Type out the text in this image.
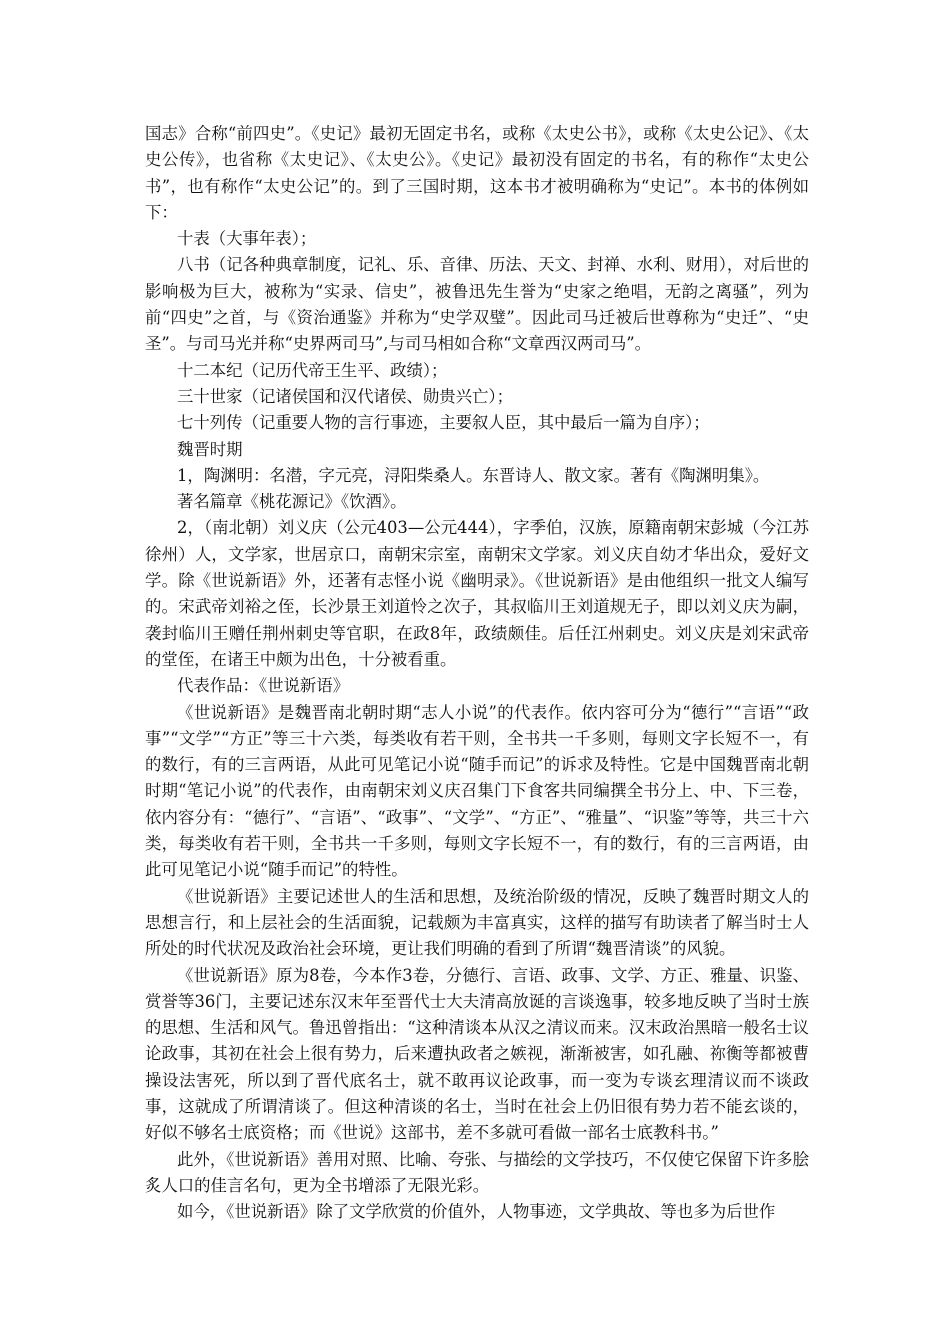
国志》合称“前四史”。《史记》最初无固定书名，或称《太史公书》，或称《太史公记》、《太史公传》，也省称《太史记》、《太史公》。《史记》最初没有固定的书名，有的称作“太史公书”，也有称作“太史公记”的。到了三国时期，这本书才被明确称为“史记”。本书的体例如下：

十表（大事年表）；

八书（记各种典章制度，记礼、乐、音律、历法、天文、封禅、水利、财用），对后世的影响极为巨大，被称为“实录、信史”，被鲁迅先生誉为“史家之绝唱，无韵之离骚”，列为前“四史”之首，与《资治通鉴》并称为“史学双璧”。因此司马迁被后世尊称为“史迁”、“史圣”。与司马光并称“史界两司马”,与司马相如合称“文章西汉两司马”。

十二本纪（记历代帝王生平、政绩）；

三十世家（记诸侯国和汉代诸侯、勋贵兴亡）；

七十列传（记重要人物的言行事迹，主要叙人臣，其中最后一篇为自序）；

魏晋时期

1，陶渊明：名潜，字元亮，浔阳柴桑人。东晋诗人、散文家。著有《陶渊明集》。

著名篇章《桃花源记》《饮酒》。

2，（南北朝）刘义庆（公元403—公元444），字季伯，汉族，原籍南朝宋彭城（今江苏徐州）人，文学家，世居京口，南朝宋宗室，南朝宋文学家。刘义庆自幼才华出众，爱好文学。除《世说新语》外，还著有志怪小说《幽明录》。《世说新语》是由他组织一批文人编写的。宋武帝刘裕之侄，长沙景王刘道怜之次子，其叔临川王刘道规无子，即以刘义庆为嗣，袭封临川王赠任荆州刺史等官职，在政8年，政绩颇佳。后任江州刺史。刘义庆是刘宋武帝的堂侄，在诸王中颇为出色，十分被看重。

代表作品：《世说新语》

《世说新语》是魏晋南北朝时期“志人小说”的代表作。依内容可分为“德行”“言语”“政事”“文学”“方正”等三十六类，每类收有若干则，全书共一千多则，每则文字长短不一，有的数行，有的三言两语，从此可见笔记小说“随手而记”的诉求及特性。它是中国魏晋南北朝时期“笔记小说”的代表作，由南朝宋刘义庆召集门下食客共同编撰全书分上、中、下三卷，依内容分有：“德行”、“言语”、“政事”、“文学”、“方正”、“雅量”、“识鉴”等等，共三十六类，每类收有若干则，全书共一千多则，每则文字长短不一，有的数行，有的三言两语，由此可见笔记小说“随手而记”的特性。

《世说新语》主要记述世人的生活和思想，及统治阶级的情况，反映了魏晋时期文人的思想言行，和上层社会的生活面貌，记载颇为丰富真实，这样的描写有助读者了解当时士人所处的时代状况及政治社会环境，更让我们明确的看到了所谓“魏晋清谈”的风貌。

《世说新语》原为8卷，今本作3卷，分德行、言语、政事、文学、方正、雅量、识鉴、赏誉等36门，主要记述东汉末年至晋代士大夫清高放诞的言谈逸事，较多地反映了当时士族的思想、生活和风气。鲁迅曾指出：“这种清谈本从汉之清议而来。汉末政治黑暗一般名士议论政事，其初在社会上很有势力，后来遭执政者之嫉视，渐渐被害，如孔融、祢衡等都被曹操设法害死，所以到了晋代底名士，就不敢再议论政事，而一变为专谈玄理清议而不谈政事，这就成了所谓清谈了。但这种清谈的名士，当时在社会上仍旧很有势力若不能玄谈的，好似不够名士底资格；而《世说》这部书，差不多就可看做一部名士底教科书。”

此外，《世说新语》善用对照、比喻、夸张、与描绘的文学技巧，不仅使它保留下许多脍炙人口的佳言名句，更为全书增添了无限光彩。

如今，《世说新语》除了文学欣赏的价值外，人物事迹，文学典故、等也多为后世作
